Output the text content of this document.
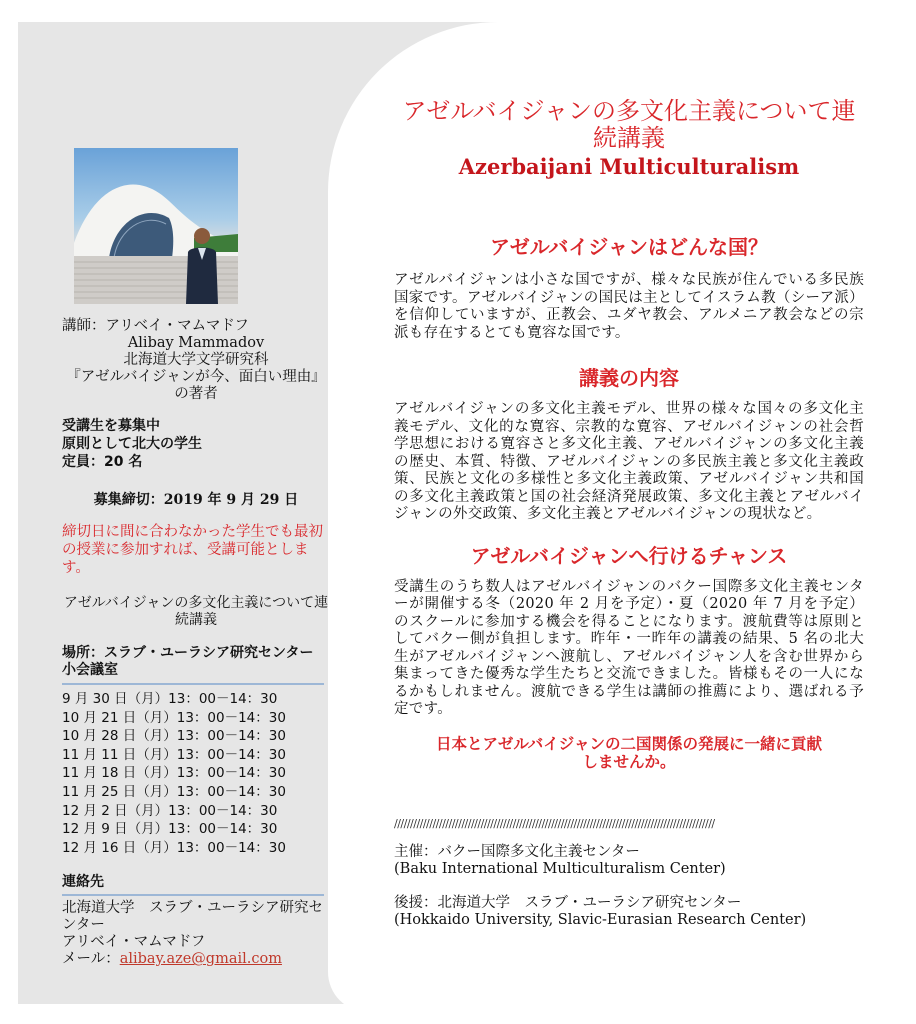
講師：アリベイ・マムマドフ
Alibay Mammadov
北海道大学文学研究科
『アゼルバイジャンが今、面白い理由』の著者
受講生を募集中
原則として北大の学生
定員：20 名
募集締切：2019 年 9 月 29 日
締切日に間に合わなかった学生でも最初の授業に参加すれば、受講可能とします。
アゼルバイジャンの多文化主義について連続講義
場所：スラブ・ユーラシア研究センター　小会議室
9 月 30 日（月）13：00－14：30
10 月 21 日（月）13：00－14：30
10 月 28 日（月）13：00－14：30
11 月 11 日（月）13：00－14：30
11 月 18 日（月）13：00－14：30
11 月 25 日（月）13：00－14：30
12 月 2 日（月）13：00－14：30
12 月 9 日（月）13：00－14：30
12 月 16 日（月）13：00－14：30
連絡先
北海道大学　スラブ・ユーラシア研究センター
アリベイ・マムマドフ
メール：alibay.aze@gmail.com
アゼルバイジャンの多文化主義について連続講義
Azerbaijani Multiculturalism
アゼルバイジャンはどんな国？
アゼルバイジャンは小さな国ですが、様々な民族が住んでいる多民族国家です。アゼルバイジャンの国民は主としてイスラム教（シーア派）を信仰していますが、正教会、ユダヤ教会、アルメニア教会などの宗派も存在するとても寛容な国です。
講義の内容
アゼルバイジャンの多文化主義モデル、世界の様々な国々の多文化主義モデル、文化的な寛容、宗教的な寛容、アゼルバイジャンの社会哲学思想における寛容さと多文化主義、アゼルバイジャンの多文化主義の歴史、本質、特徴、アゼルバイジャンの多民族主義と多文化主義政策、民族と文化の多様性と多文化主義政策、アゼルバイジャン共和国の多文化主義政策と国の社会経済発展政策、多文化主義とアゼルバイジャンの外交政策、多文化主義とアゼルバイジャンの現状など。
アゼルバイジャンへ行けるチャンス
受講生のうち数人はアゼルバイジャンのバクー国際多文化主義センターが開催する冬（2020 年 2 月を予定）・夏（2020 年 7 月を予定）のスクールに参加する機会を得ることになります。渡航費等は原則としてバクー側が負担します。昨年・一昨年の講義の結果、5 名の北大生がアゼルバイジャンへ渡航し、アゼルバイジャン人を含む世界から集まってきた優秀な学生たちと交流できました。皆様もその一人になるかもしれません。渡航できる学生は講師の推薦により、選ばれる予定です。
日本とアゼルバイジャンの二国関係の発展に一緒に貢献しませんか。
////////////////////////////////////////////////////////////////////////////////////////////////////
主催：バクー国際多文化主義センター
(Baku International Multiculturalism Center)
後援：北海道大学　スラブ・ユーラシア研究センター
(Hokkaido University, Slavic-Eurasian Research Center)
